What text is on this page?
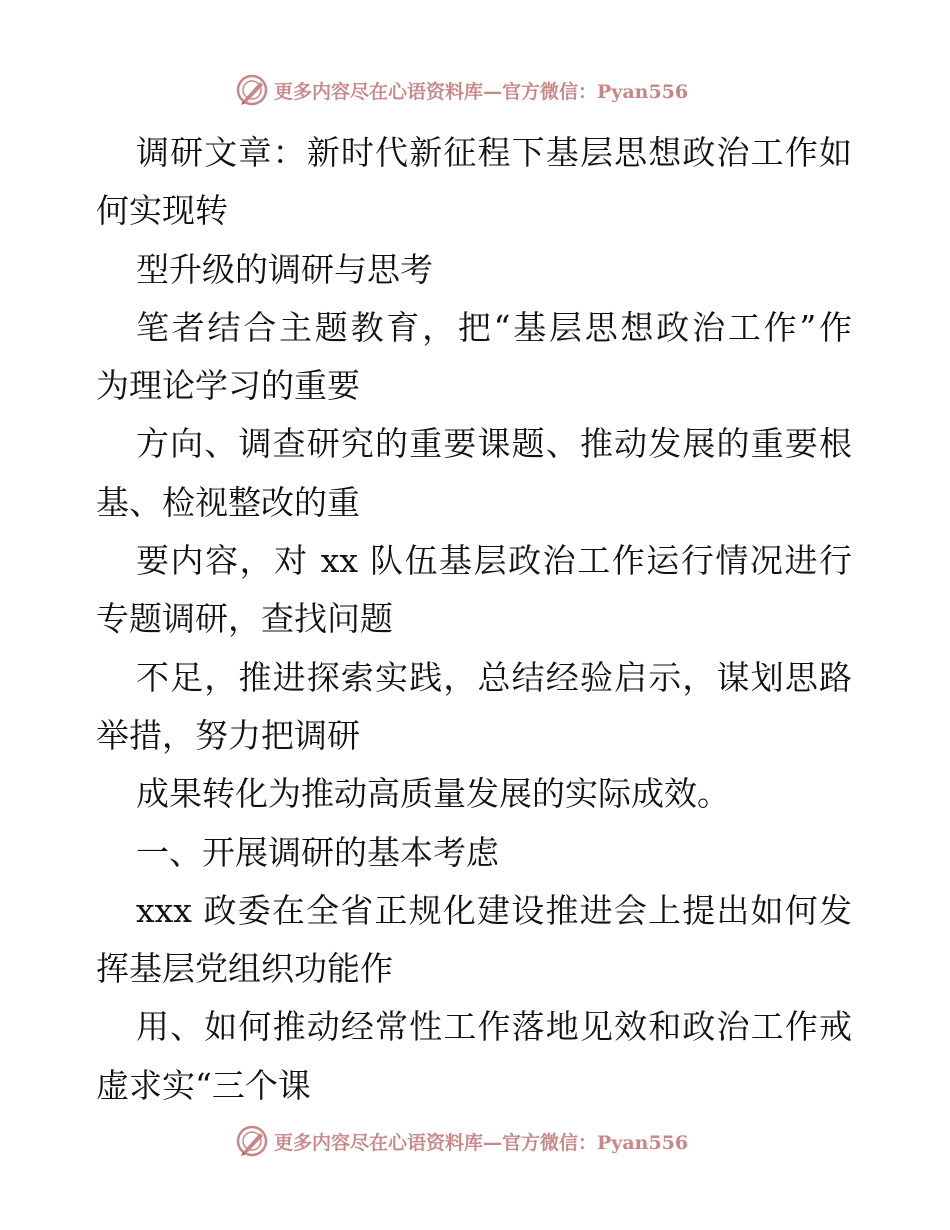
更多内容尽在心语资料库—官方微信：Pyan556
调研文章：新时代新征程下基层思想政治工作如
何实现转
型升级的调研与思考
笔者结合主题教育，把“基层思想政治工作”作
为理论学习的重要
方向、调查研究的重要课题、推动发展的重要根
基、检视整改的重
要内容，对 xx 队伍基层政治工作运行情况进行
专题调研，查找问题
不足，推进探索实践，总结经验启示，谋划思路
举措，努力把调研
成果转化为推动高质量发展的实际成效。
一、开展调研的基本考虑
xxx 政委在全省正规化建设推进会上提出如何发
挥基层党组织功能作
用、如何推动经常性工作落地见效和政治工作戒
虚求实“三个课
更多内容尽在心语资料库—官方微信：Pyan556
